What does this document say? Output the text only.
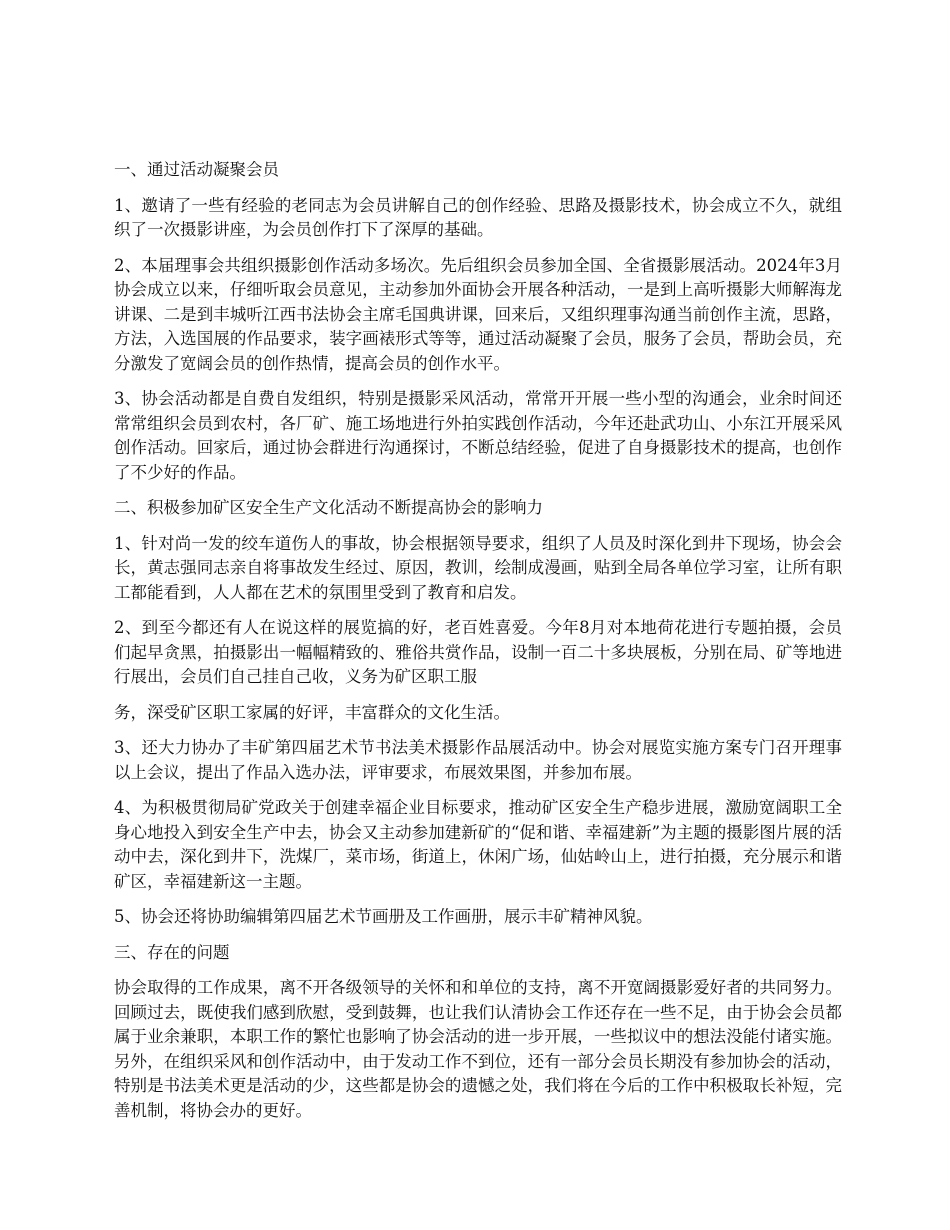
一、通过活动凝聚会员

1、邀请了一些有经验的老同志为会员讲解自己的创作经验、思路及摄影技术，协会成立不久，就组织了一次摄影讲座，为会员创作打下了深厚的基础。

2、本届理事会共组织摄影创作活动多场次。先后组织会员参加全国、全省摄影展活动。2024年3月协会成立以来，仔细听取会员意见，主动参加外面协会开展各种活动，一是到上高听摄影大师解海龙讲课、二是到丰城听江西书法协会主席毛国典讲课，回来后，又组织理事沟通当前创作主流，思路，方法，入选国展的作品要求，装字画裱形式等等，通过活动凝聚了会员，服务了会员，帮助会员，充分激发了宽阔会员的创作热情，提高会员的创作水平。

3、协会活动都是自费自发组织，特别是摄影采风活动，常常开开展一些小型的沟通会，业余时间还常常组织会员到农村，各厂矿、施工场地进行外拍实践创作活动，今年还赴武功山、小东江开展采风创作活动。回家后，通过协会群进行沟通探讨，不断总结经验，促进了自身摄影技术的提高，也创作了不少好的作品。

二、积极参加矿区安全生产文化活动不断提高协会的影响力

1、针对尚一发的绞车道伤人的事故，协会根据领导要求，组织了人员及时深化到井下现场，协会会长，黄志强同志亲自将事故发生经过、原因，教训，绘制成漫画，贴到全局各单位学习室，让所有职工都能看到，人人都在艺术的氛围里受到了教育和启发。

2、到至今都还有人在说这样的展览搞的好，老百姓喜爱。今年8月对本地荷花进行专题拍摄，会员们起早贪黑，拍摄影出一幅幅精致的、雅俗共赏作品，设制一百二十多块展板，分别在局、矿等地进行展出，会员们自己挂自己收，义务为矿区职工服

务，深受矿区职工家属的好评，丰富群众的文化生活。

3、还大力协办了丰矿第四届艺术节书法美术摄影作品展活动中。协会对展览实施方案专门召开理事以上会议，提出了作品入选办法，评审要求，布展效果图，并参加布展。

4、为积极贯彻局矿党政关于创建幸福企业目标要求，推动矿区安全生产稳步进展，激励宽阔职工全身心地投入到安全生产中去，协会又主动参加建新矿的“促和谐、幸福建新”为主题的摄影图片展的活动中去，深化到井下，洗煤厂，菜市场，街道上，休闲广场，仙姑岭山上，进行拍摄，充分展示和谐矿区，幸福建新这一主题。

5、协会还将协助编辑第四届艺术节画册及工作画册，展示丰矿精神风貌。

三、存在的问题

协会取得的工作成果，离不开各级领导的关怀和和单位的支持，离不开宽阔摄影爱好者的共同努力。回顾过去，既使我们感到欣慰，受到鼓舞，也让我们认清协会工作还存在一些不足，由于协会会员都属于业余兼职，本职工作的繁忙也影响了协会活动的进一步开展，一些拟议中的想法没能付诸实施。另外，在组织采风和创作活动中，由于发动工作不到位，还有一部分会员长期没有参加协会的活动，特别是书法美术更是活动的少，这些都是协会的遗憾之处，我们将在今后的工作中积极取长补短，完善机制，将协会办的更好。
